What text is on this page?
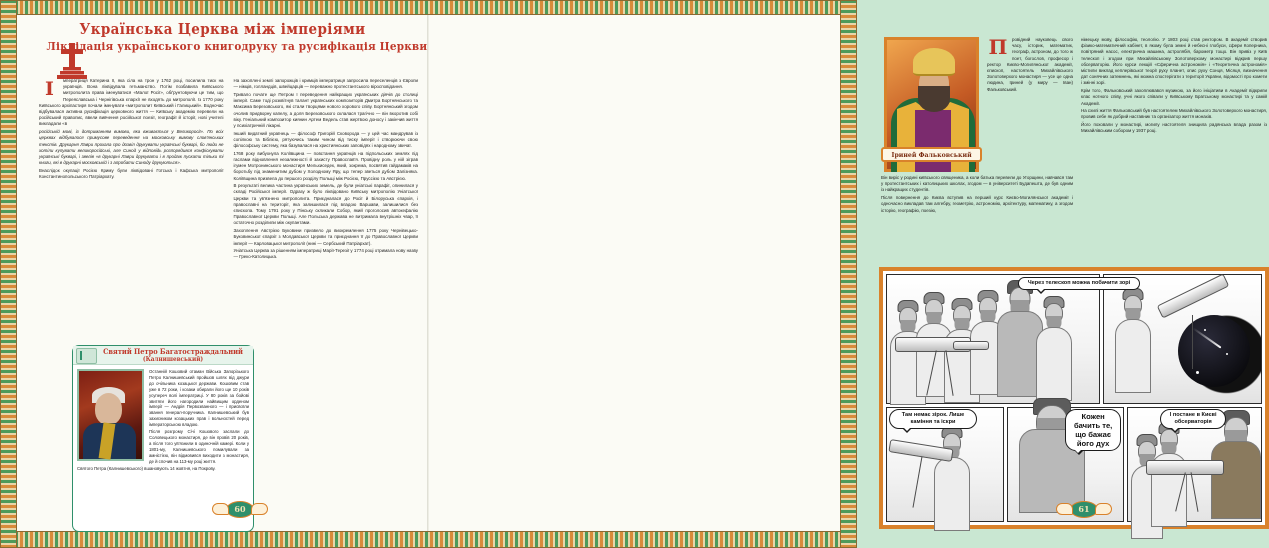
Українська Церква між імперіями
Ліквідація українського книгодруку та русифікація Церкви

І	мператриця Катерина ІІ, яка сіла на трон у 1762 році, посилила тиск на українців. Вона ліквідувала гетьманство. Потім позбавила Київського митрополита права іменуватися «Малої Росії», обґрунтовуючи це тим, що Переяславська і Чернігівська єпархії не входять до митрополії. Із 1770 року Київського архіпастиря почали іменувати «митрополит Київський і Галицький». Водночас відбувалася активна русифікація церковного життя — Київську академію перевели на російський правопис, ввели вивчення російської поезії, географії й історії, нові учителі викладали «в

російській мові, із дотриманням вимови, яка вживається у Великоросії». По всіх церквах відбувалося примусове переведення на московську вимову слов'янських текстів. Друкарня Лаври прохала про дозвіл друкувати українські букварі, бо люди не хотіли купувати великоросійські, але Синод у відповідь розпорядився конфіскувати українські букварі, і звелів «в друкарні Лаври друкувати і в продаж пускати тільки ті книги, які в друкарні московській і з апробати Синоду друкуються».

Внаслідок окупації Росією Криму були ліквідовані Готська і Кафська митрополії Константинопольського Патріархату.

На захоплені землі запорожців і кримців імператриця запросила переселенців з Європи — німців, голландців, швейцарців — переважно протестантського віросповідання.

Тривало почате ще Петром І переведення найкращих українських діячів до столиці імперії. Саме тоді розквітнув талант українських композиторів Дмитра Бортнянського та Максима Березовського, які стали творцями нового хорового співу. Бортнянський згодом очолив придворну капелу, а доля Березовського склалася трагічно — він вкоротив собі віку. Геніальний композитор киянин Артем Ведель став жертвою доносу і закінчив життя у психіатричній лікарні.

Інший видатний українець — філософ Григорій Сковорода — у цей час мандрував із сопілкою та Біблією, рятуючись таким чином від тиску імперії і створюючи свою філософську систему, яка базувалася на християнських заповідях і народному звичаї.

1768 року вибухнула Коліївщина — повстання українців на підпольських землях під гаслами відновлення незалежності й захисту Православ'я. Провідну роль у ній зіграв ігумен Мотронинського монастиря Мельхиседек, який, зокрема, посвятив гайдамаків на боротьбу під знаменитим дубом у Холодному Яру, що тепер зветься дубом Залізняка. Коліївщина призвела до першого розділу Польщі між Росією, Пруссією та Австрією.

В результаті велика частина українських земель, де були уніатські парафії, опинилася у складі Російської імперії. Одразу ж було ліквідовано Київську митрополію Уніатської Церкви та ув'язнено митрополита. Приєдналася до Росії й Білоруська єпархія, і православні на території, яка залишилася під владою Варшави, залишилися без єпископа. Тому 1791 року у Пінську скликали Собор, який проголосив автокефалію Православної Церкви Польщі. Але Польська держава не витримала внутрішніх чвар, її остаточно розділили між окупантами.

Захоплення Австрією Буковини призвело до виокремлення 1775 року Чернівецько-Буковинської єпархії з Молдавської Церкви та приєднання її до Православної Церкви імперії — Карловацької митрополії (нині — Сербський Патріархат).

Уніатська Церква за рішенням імператриці Марії-Терезії у 1774 році отримала нову назву — Греко-Католицька.

Святий Петро Багатостраждальний
(Калнишевський)

Останній Кошовий отаман Війська Запорізького Петро Калнишевський пройшов шлях від джури до очільника козацької держави. Кошовим став уже в 72 роки, і козаки обирали його ще 10 років усупереч волі імператриці. У 80 років за бойові звитяги його нагородили найвищим орденом імперії — Андрія Первозванного — і присвоїли звання генерал-поручника. Калнишевський був захисником козацьких прав і вольностей перед імператорською владою.

Після розгрому Січі Кошового заслали до Соловецького монастиря, де він провів 20 років, а після того ув'язнили в одиночній камері. Коли у 1801-му, Калнишевського помилували за амністією, він відмовився виходити з монастиря, де й спочив на 113-му році життя.

Святого Петра (Калнишевського) вшановують 14 жовтня, на Покрову.

60
Іриней Фальковський

П	ровідний науковець свого часу, історик, математик, географ, астроном, до того ж поет, богослов, професор і ректор Києво-Могилянської академії, єпископ, настоятель Михайлівського Золотоверхого монастиря — усе це одна людина, Іриней (у миру — Іван) Фальковський.

Він виріс у родині київського священика, а коли батька перевели до Угорщини, навчався там у протестантських і католицьких школах, згодом — в університеті Будапешта, де був одним із найкращих студентів.

Після повернення до Києва вступив на перший курс Києво-Могилянської академії і одночасно викладав там алгебру, геометрію, астрономію, архітектуру, математику, а згодом історію, географію, поезію,

німецьку мову, філософію, теологію. У 1803 році став ректором. В академії створив фізико-математичний кабінет, в якому була земні й небесні глобуси, сфери Коперника, повітряний насос, електрична машина, астролябія, барометр тощо. Він привіз у Київ телескоп і згодом при Михайлівському Золотоверхому монастирі відкрив першу обсерваторію. Його курси лекцій «Сферична астрономія» і «Теоретична астрономія» містили виклад кеплерівської теорії руху планет, опис руху Сонця, Місяця, визначення дат сонячних затемнень, які можна спостерігати з території України, відомості про комети і змінні зорі.

Крім того, Фальковський захоплювався музикою, за його ініціативи в Академії відкрили клас нотного співу, учні якого співали у Київському Братському монастирі та у самій Академії.

На схилі життя Фальковський був настоятелем Михайлівського Золотоверхого монастиря, провив себе як добрий наставник та організатор життя монахів.

Його поховали у монастирі, могилу настоятеля знищила радянська влада разом із Михайлівським собором у 1937 році.

Через телескоп можна побачити зорі
Там немає зірок. Лише каміння та іскри
Кожен бачить те, що бажає його дух
І постане в Києві обсерваторія
61
